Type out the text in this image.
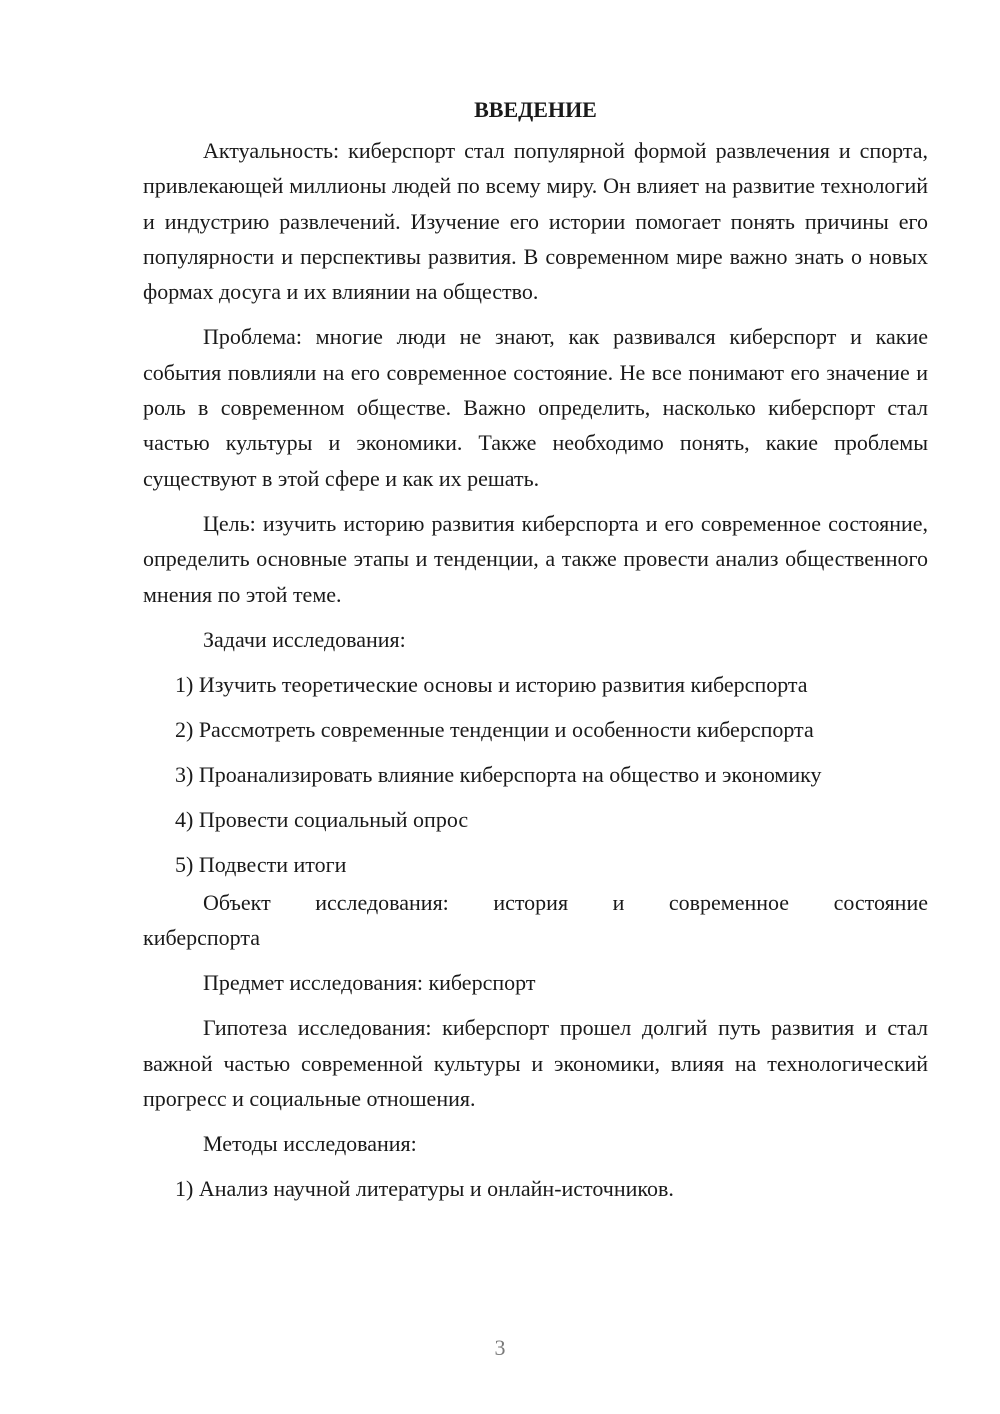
ВВЕДЕНИЕ

Актуальность: киберспорт стал популярной формой развлечения и спорта, привлекающей миллионы людей по всему миру. Он влияет на развитие технологий и индустрию развлечений. Изучение его истории помогает понять причины его популярности и перспективы развития. В современном мире важно знать о новых формах досуга и их влиянии на общество.

Проблема: многие люди не знают, как развивался киберспорт и какие события повлияли на его современное состояние. Не все понимают его значение и роль в современном обществе. Важно определить, насколько киберспорт стал частью культуры и экономики. Также необходимо понять, какие проблемы существуют в этой сфере и как их решать.

Цель: изучить историю развития киберспорта и его современное состояние, определить основные этапы и тенденции, а также провести анализ общественного мнения по этой теме.

Задачи исследования:

1) Изучить теоретические основы и историю развития киберспорта
2) Рассмотреть современные тенденции и особенности киберспорта
3) Проанализировать влияние киберспорта на общество и экономику
4) Провести социальный опрос
5) Подвести итоги
Объект исследования: история и современное состояние
киберспорта

Предмет исследования: киберспорт

Гипотеза исследования: киберспорт прошел долгий путь развития и стал важной частью современной культуры и экономики, влияя на технологический прогресс и социальные отношения.

Методы исследования:

1) Анализ научной литературы и онлайн-источников.
3
